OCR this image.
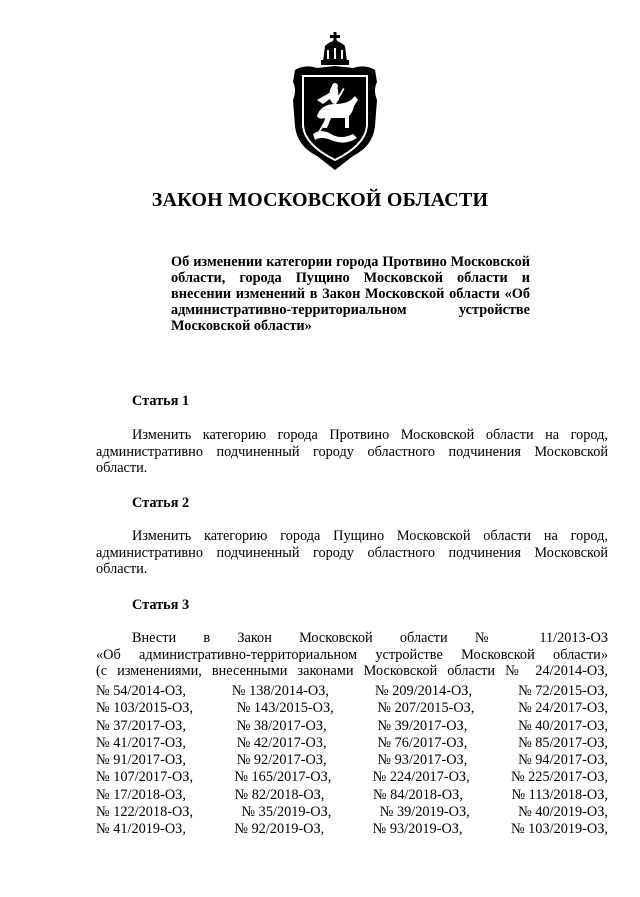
ЗАКОН МОСКОВСКОЙ ОБЛАСТИ
Об изменении категории города Протвино Московской области, города Пущино Московской области и внесении изменений в Закон Московской области «Об административно-территориальном устройстве Московской области»
Статья 1
Изменить категорию города Протвино Московской области на город, административно подчиненный городу областного подчинения Московской области.
Статья 2
Изменить категорию города Пущино Московской области на город, административно подчиненный городу областного подчинения Московской области.
Статья 3
Внести в Закон Московской области № 11/2013-ОЗ
«Об административно-территориальном устройстве Московской области»
(с изменениями, внесенными законами Московской области № 24/2014-ОЗ,
№ 54/2014-ОЗ,	№ 138/2014-ОЗ,	№ 209/2014-ОЗ,	№ 72/2015-ОЗ,
№ 103/2015-ОЗ,	№ 143/2015-ОЗ,	№ 207/2015-ОЗ,	№ 24/2017-ОЗ,
№ 37/2017-ОЗ,	№ 38/2017-ОЗ,	№ 39/2017-ОЗ,	№ 40/2017-ОЗ,
№ 41/2017-ОЗ,	№ 42/2017-ОЗ,	№ 76/2017-ОЗ,	№ 85/2017-ОЗ,
№ 91/2017-ОЗ,	№ 92/2017-ОЗ,	№ 93/2017-ОЗ,	№ 94/2017-ОЗ,
№ 107/2017-ОЗ,	№ 165/2017-ОЗ,	№ 224/2017-ОЗ,	№ 225/2017-ОЗ,
№ 17/2018-ОЗ,	№ 82/2018-ОЗ,	№ 84/2018-ОЗ,	№ 113/2018-ОЗ,
№ 122/2018-ОЗ,	№ 35/2019-ОЗ,	№ 39/2019-ОЗ,	№ 40/2019-ОЗ,
№ 41/2019-ОЗ,	№ 92/2019-ОЗ,	№ 93/2019-ОЗ,	№ 103/2019-ОЗ,
